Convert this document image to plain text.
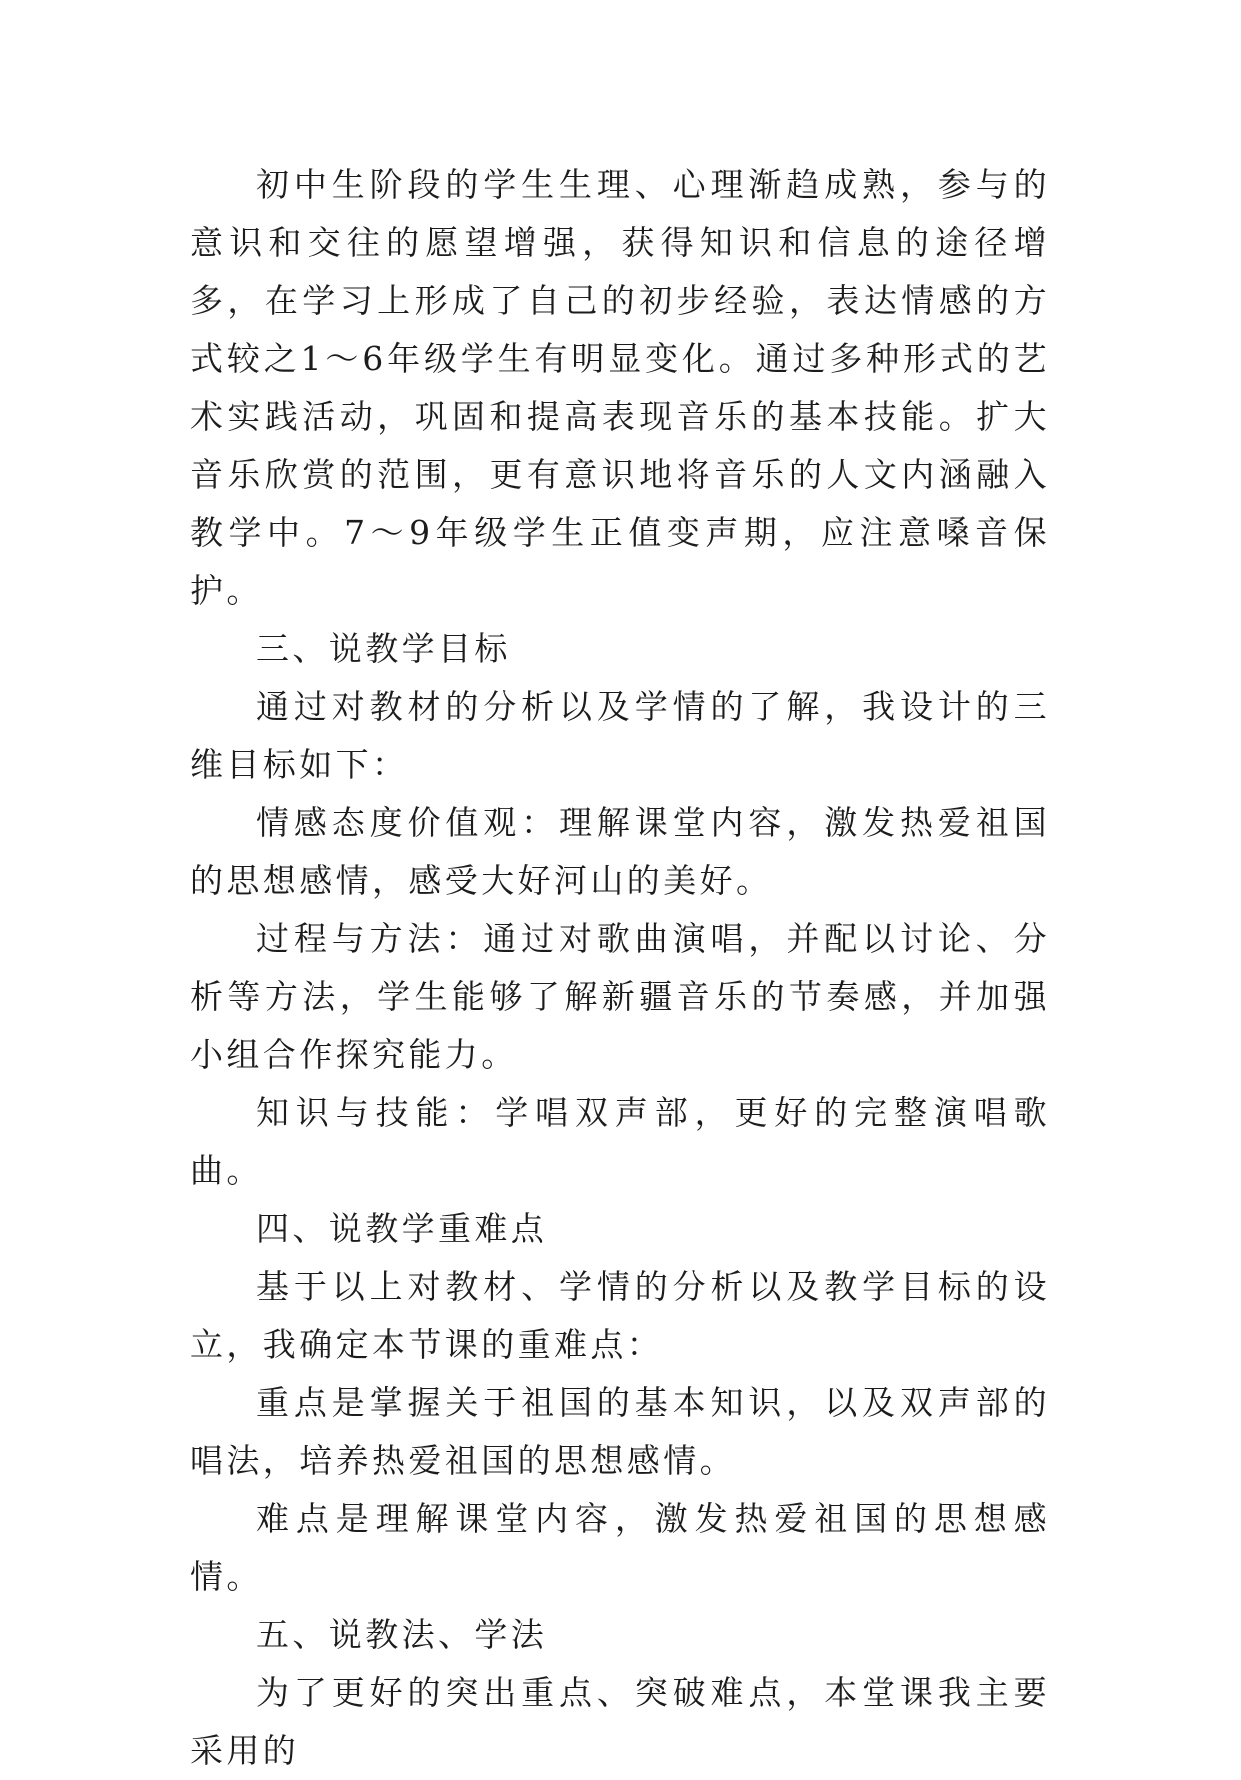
初中生阶段的学生生理、心理渐趋成熟，参与的意识和交往的愿望增强，获得知识和信息的途径增多，在学习上形成了自己的初步经验，表达情感的方式较之1～6年级学生有明显变化。通过多种形式的艺术实践活动，巩固和提高表现音乐的基本技能。扩大音乐欣赏的范围，更有意识地将音乐的人文内涵融入教学中。7～9年级学生正值变声期，应注意嗓音保护。

三、说教学目标

通过对教材的分析以及学情的了解，我设计的三维目标如下：

情感态度价值观：理解课堂内容，激发热爱祖国的思想感情，感受大好河山的美好。

过程与方法：通过对歌曲演唱，并配以讨论、分析等方法，学生能够了解新疆音乐的节奏感，并加强小组合作探究能力。

知识与技能：学唱双声部，更好的完整演唱歌曲。

四、说教学重难点

基于以上对教材、学情的分析以及教学目标的设立，我确定本节课的重难点：

重点是掌握关于祖国的基本知识，以及双声部的唱法，培养热爱祖国的思想感情。

难点是理解课堂内容，激发热爱祖国的思想感情。

五、说教法、学法

为了更好的突出重点、突破难点，本堂课我主要采用的
